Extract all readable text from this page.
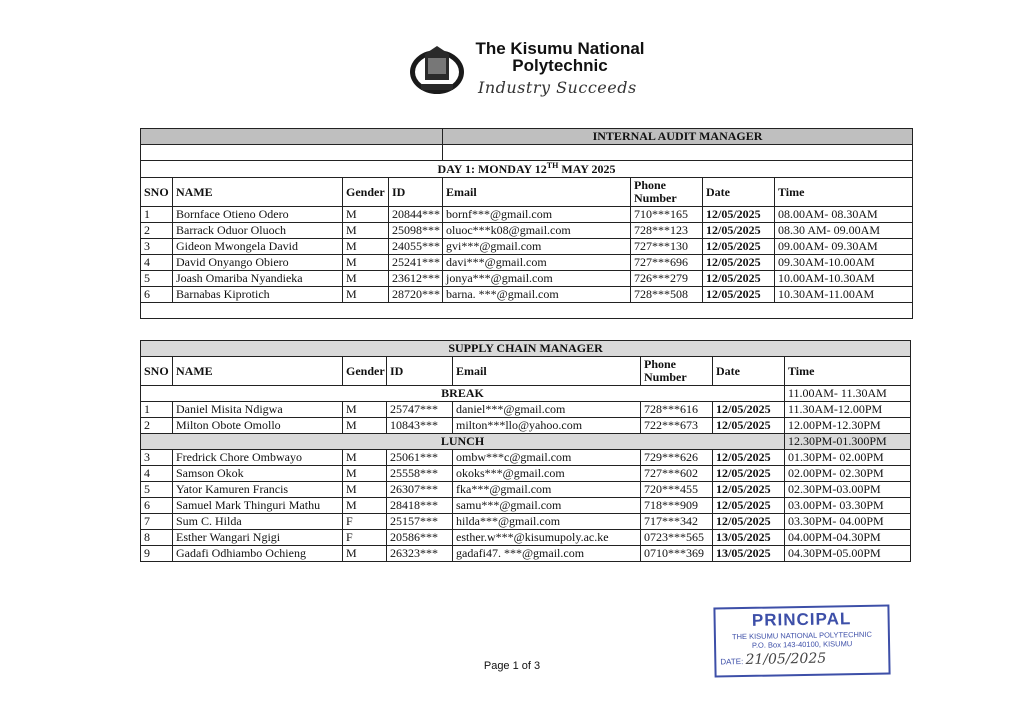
The Kisumu National
Polytechnic
Industry Succeeds
				INTERNAL AUDIT MANAGER			

DAY 1: MONDAY 12TH MAY 2025							
SNO	NAME	Gender	ID	Email	Phone Number	Date	Time
1	Bornface Otieno Odero	M	20844***	bornf***@gmail.com	710***165	12/05/2025	08.00AM- 08.30AM
2	Barrack Oduor Oluoch	M	25098***	oluoc***k08@gmail.com	728***123	12/05/2025	08.30 AM- 09.00AM
3	Gideon Mwongela David	M	24055***	gvi***@gmail.com	727***130	12/05/2025	09.00AM- 09.30AM
4	David Onyango Obiero	M	25241***	davi***@gmail.com	727***696	12/05/2025	09.30AM-10.00AM
5	Joash Omariba Nyandieka	M	23612***	jonya***@gmail.com	726***279	12/05/2025	10.00AM-10.30AM
6	Barnabas Kiprotich	M	28720***	barna. ***@gmail.com	728***508	12/05/2025	10.30AM-11.00AM

SUPPLY CHAIN MANAGER							
SNO	NAME	Gender	ID	Email	Phone Number	Date	Time
BREAK							11.00AM- 11.30AM
1	Daniel Misita Ndigwa	M	25747***	daniel***@gmail.com	728***616	12/05/2025	11.30AM-12.00PM
2	Milton Obote Omollo	M	10843***	milton***llo@yahoo.com	722***673	12/05/2025	12.00PM-12.30PM
LUNCH							12.30PM-01.300PM
3	Fredrick Chore Ombwayo	M	25061***	ombw***c@gmail.com	729***626	12/05/2025	01.30PM- 02.00PM
4	Samson Okok	M	25558***	okoks***@gmail.com	727***602	12/05/2025	02.00PM- 02.30PM
5	Yator Kamuren Francis	M	26307***	fka***@gmail.com	720***455	12/05/2025	02.30PM-03.00PM
6	Samuel Mark Thinguri Mathu	M	28418***	samu***@gmail.com	718***909	12/05/2025	03.00PM- 03.30PM
7	Sum C. Hilda	F	25157***	hilda***@gmail.com	717***342	12/05/2025	03.30PM- 04.00PM
8	Esther Wangari Ngigi	F	20586***	esther.w***@kisumupoly.ac.ke	0723***565	13/05/2025	04.00PM-04.30PM
9	Gadafi Odhiambo Ochieng	M	26323***	gadafi47. ***@gmail.com	0710***369	13/05/2025	04.30PM-05.00PM
Page 1 of 3
PRINCIPAL
THE KISUMU NATIONAL POLYTECHNIC
P.O. Box 143-40100, KISUMU
DATE: 21/05/2025
